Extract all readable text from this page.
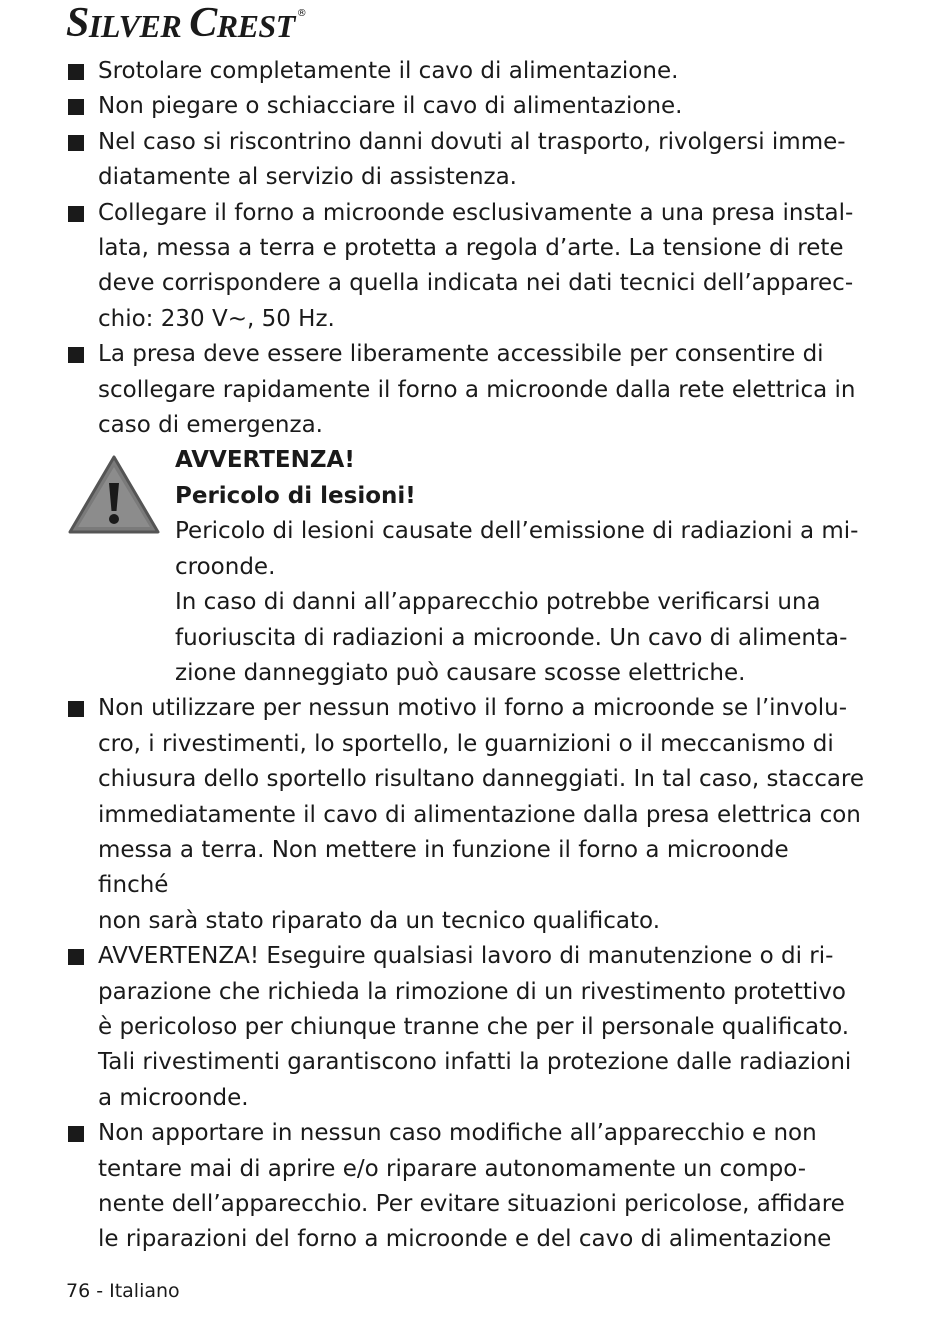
S ILVER C REST ®

Srotolare completamente il cavo di alimentazione.

Non piegare o schiacciare il cavo di alimentazione.

Nel caso si riscontrino danni dovuti al trasporto, rivolgersi imme-

diatamente al servizio di assistenza.

Collegare il forno a microonde esclusivamente a una presa instal-

lata, messa a terra e protetta a regola d’arte. La tensione di rete

deve corrispondere a quella indicata nei dati tecnici dell’apparec-

chio: 230 V~, 50 Hz.

La presa deve essere liberamente accessibile per consentire di

scollegare rapidamente il forno a microonde dalla rete elettrica in

caso di emergenza.

AVVERTENZA!

Pericolo di lesioni!

Pericolo di lesioni causate dell’emissione di radiazioni a mi-

croonde.

In caso di danni all’apparecchio potrebbe verificarsi una

fuoriuscita di radiazioni a microonde. Un cavo di alimenta-

zione danneggiato può causare scosse elettriche.

Non utilizzare per nessun motivo il forno a microonde se l’involu-

cro, i rivestimenti, lo sportello, le guarnizioni o il meccanismo di

chiusura dello sportello risultano danneggiati. In tal caso, staccare

immediatamente il cavo di alimentazione dalla presa elettrica con

messa a terra. Non mettere in funzione il forno a microonde finché

non sarà stato riparato da un tecnico qualificato.

AVVERTENZA! Eseguire qualsiasi lavoro di manutenzione o di ri-

parazione che richieda la rimozione di un rivestimento protettivo

è pericoloso per chiunque tranne che per il personale qualificato.

Tali rivestimenti garantiscono infatti la protezione dalle radiazioni

a microonde.

Non apportare in nessun caso modifiche all’apparecchio e non

tentare mai di aprire e/o riparare autonomamente un compo-

nente dell’apparecchio. Per evitare situazioni pericolose, affidare

le riparazioni del forno a microonde e del cavo di alimentazione

76 - Italiano
